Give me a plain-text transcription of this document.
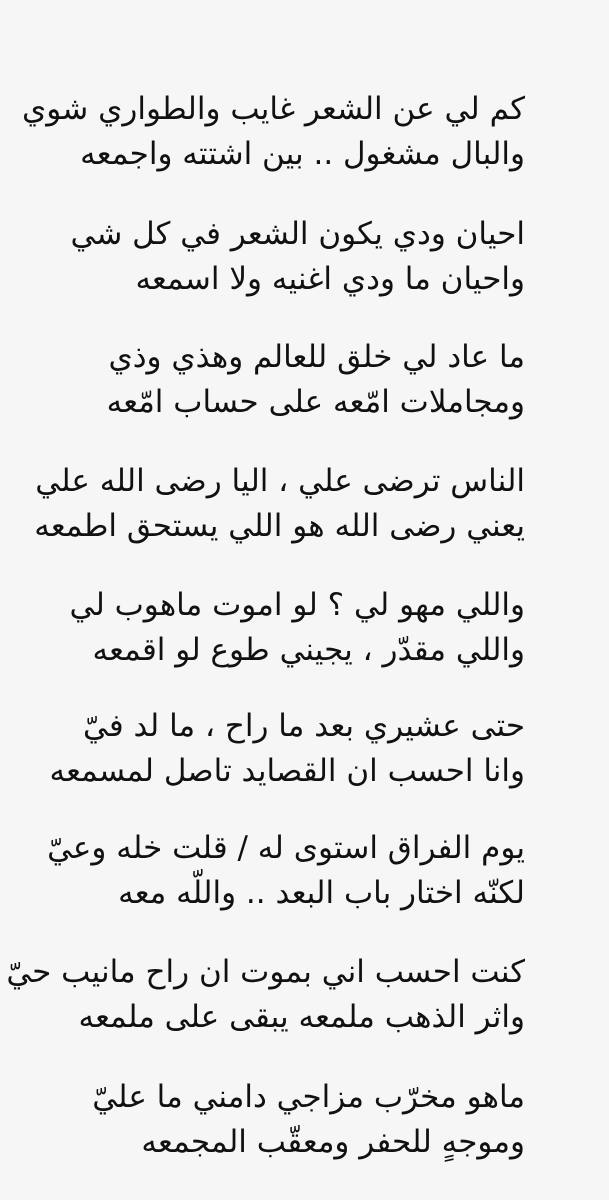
كم لي عن الشعر غايب والطواري شوي
والبال مشغول .. بين اشتته واجمعه
احيان ودي يكون الشعر في كل شي
واحيان ما ودي اغنيه ولا اسمعه
ما عاد لي خلق للعالم وهذي وذي
ومجاملات امّعه على حساب امّعه
الناس ترضى علي ، اليا رضى الله علي
يعني رضى الله هو اللي يستحق اطمعه
واللي مهو لي ؟ لو اموت ماهوب لي
واللي مقدّر ، يجيني طوع لو اقمعه
حتى عشيري بعد ما راح ، ما لد فيّ
وانا احسب ان القصايد تاصل لمسمعه
يوم الفراق استوى له / قلت خله وعيّ
لكنّه اختار باب البعد .. واللّه معه
كنت احسب اني بموت ان راح مانيب حيّ
واثر الذهب ملمعه يبقى على ملمعه
ماهو مخرّب مزاجي دامني ما عليّ
وموجهٍ للحفر ومعقّب المجمعه
